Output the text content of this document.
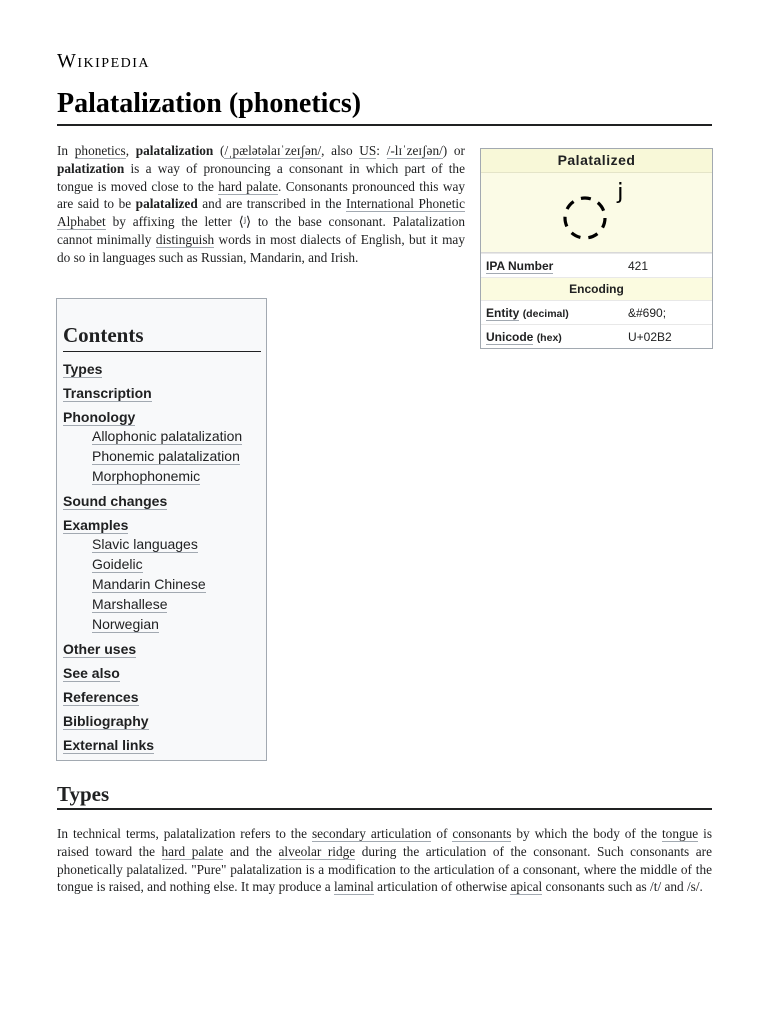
Wikipedia
Palatalization (phonetics)

In phonetics, palatalization (/ˌpælətəlaɪˈzeɪʃən/, also US: /-lɪˈzeɪʃən/) or palatization is a way of pronouncing a consonant in which part of the tongue is moved close to the hard palate. Consonants pronounced this way are said to be palatalized and are transcribed in the International Phonetic Alphabet by affixing the letter ⟨ʲ⟩ to the base consonant. Palatalization cannot minimally distinguish words in most dialects of English, but it may do so in languages such as Russian, Mandarin, and Irish.

Palatalized
ʲ
IPA Number	421
Encoding
Entity (decimal)	&#690;
Unicode (hex)	U+02B2
Contents
Types
Transcription
Phonology
Allophonic palatalization
Phonemic palatalization
Morphophonemic
Sound changes
Examples
Slavic languages
Goidelic
Mandarin Chinese
Marshallese
Norwegian
Other uses
See also
References
Bibliography
External links
Types

In technical terms, palatalization refers to the secondary articulation of consonants by which the body of the tongue is raised toward the hard palate and the alveolar ridge during the articulation of the consonant. Such consonants are phonetically palatalized. "Pure" palatalization is a modification to the articulation of a consonant, where the middle of the tongue is raised, and nothing else. It may produce a laminal articulation of otherwise apical consonants such as /t/ and /s/.
